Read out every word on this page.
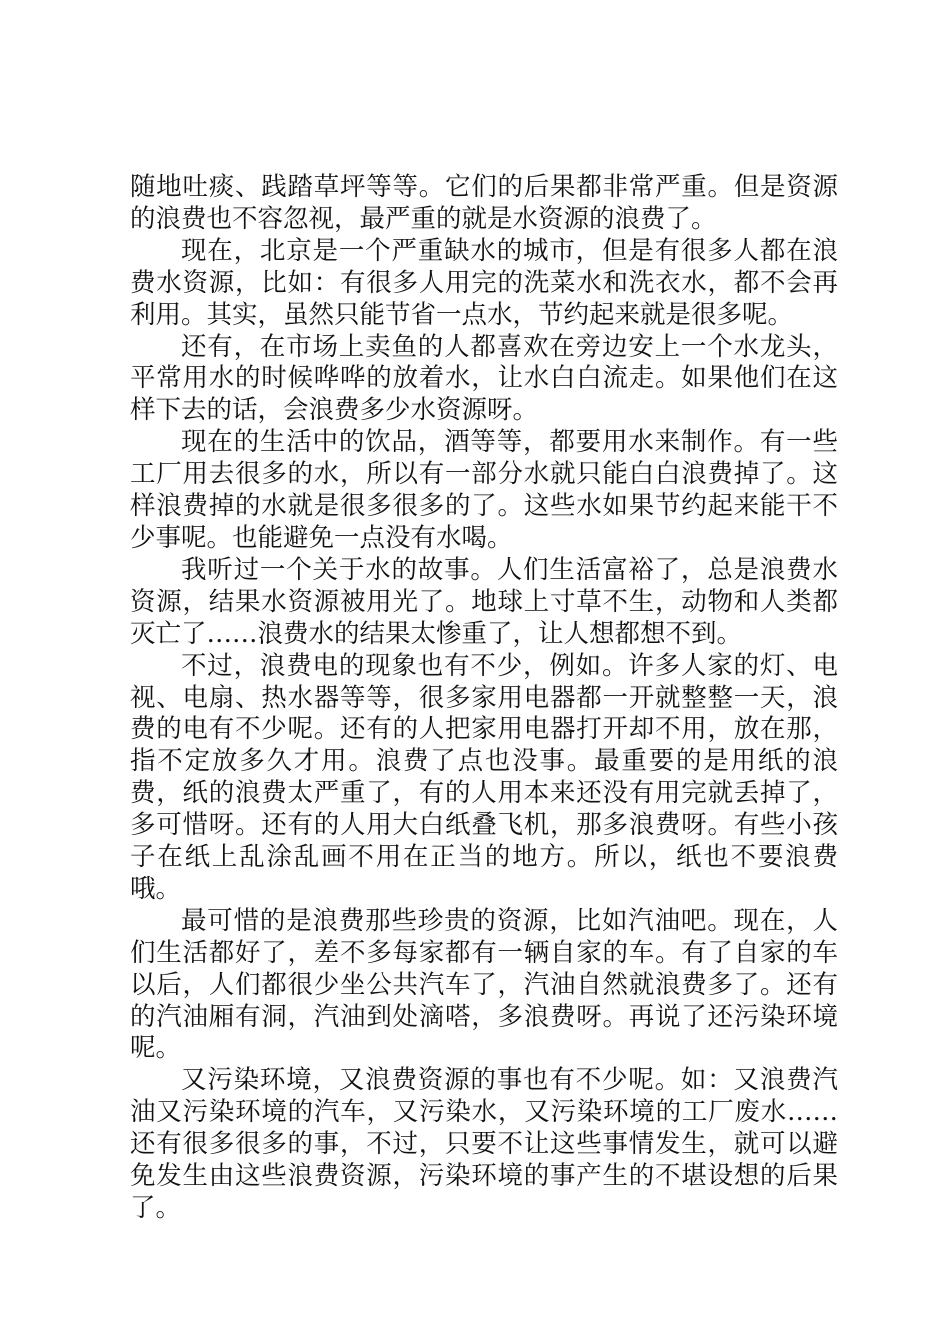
随地吐痰、践踏草坪等等。它们的后果都非常严重。但是资源的浪费也不容忽视，最严重的就是水资源的浪费了。

现在，北京是一个严重缺水的城市，但是有很多人都在浪费水资源，比如：有很多人用完的洗菜水和洗衣水，都不会再利用。其实，虽然只能节省一点水，节约起来就是很多呢。

还有，在市场上卖鱼的人都喜欢在旁边安上一个水龙头，平常用水的时候哗哗的放着水，让水白白流走。如果他们在这样下去的话，会浪费多少水资源呀。

现在的生活中的饮品，酒等等，都要用水来制作。有一些工厂用去很多的水，所以有一部分水就只能白白浪费掉了。这样浪费掉的水就是很多很多的了。这些水如果节约起来能干不少事呢。也能避免一点没有水喝。

我听过一个关于水的故事。人们生活富裕了，总是浪费水资源，结果水资源被用光了。地球上寸草不生，动物和人类都灭亡了……浪费水的结果太惨重了，让人想都想不到。

不过，浪费电的现象也有不少，例如。许多人家的灯、电视、电扇、热水器等等，很多家用电器都一开就整整一天，浪费的电有不少呢。还有的人把家用电器打开却不用，放在那，指不定放多久才用。浪费了点也没事。最重要的是用纸的浪费，纸的浪费太严重了，有的人用本来还没有用完就丢掉了，多可惜呀。还有的人用大白纸叠飞机，那多浪费呀。有些小孩子在纸上乱涂乱画不用在正当的地方。所以，纸也不要浪费哦。

最可惜的是浪费那些珍贵的资源，比如汽油吧。现在，人们生活都好了，差不多每家都有一辆自家的车。有了自家的车以后，人们都很少坐公共汽车了，汽油自然就浪费多了。还有的汽油厢有洞，汽油到处滴嗒，多浪费呀。再说了还污染环境呢。

又污染环境，又浪费资源的事也有不少呢。如：又浪费汽油又污染环境的汽车，又污染水，又污染环境的工厂废水……还有很多很多的事，不过，只要不让这些事情发生，就可以避免发生由这些浪费资源，污染环境的事产生的不堪设想的后果了。
